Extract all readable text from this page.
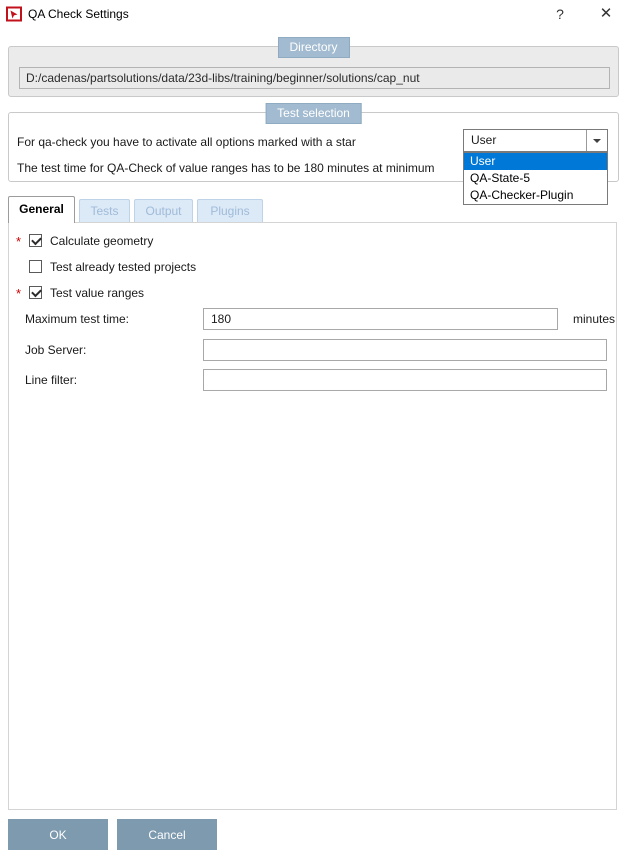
QA Check Settings	?	✕
Directory
D:/cadenas/partsolutions/data/23d-libs/training/beginner/solutions/cap_nut
Test selection
For qa-check you have to activate all options marked with a star
The test time for QA-Check of value ranges has to be 180 minutes at minimum
User
User
QA-State-5
QA-Checker-Plugin
General	Tests	Output	Plugins
*	Calculate geometry
Test already tested projects
*	Test value ranges
Maximum test time:
180	minutes
Job Server:
Line filter:
OK	Cancel
